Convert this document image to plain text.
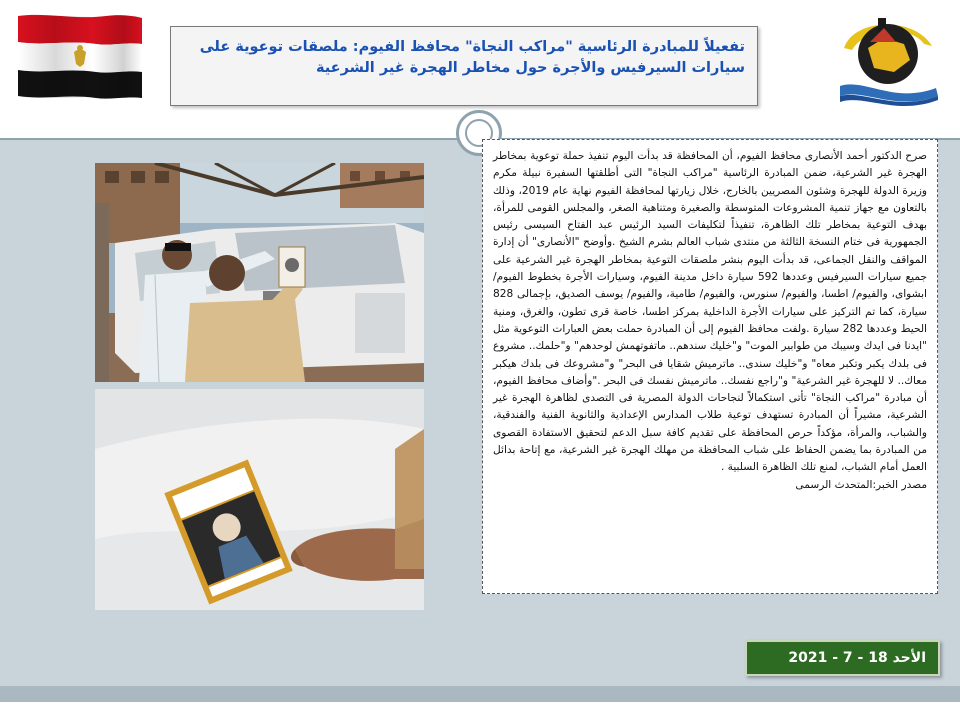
تفعيلاً للمبادرة الرئاسية "مراكب النجاة" محافظ الفيوم: ملصقات توعوية على سيارات السيرفيس والأجرة حول مخاطر الهجرة غير الشرعية

صرح الدكتور أحمد الأنصارى محافظ الفيوم، أن المحافظة قد بدأت اليوم تنفيذ حملة توعوية بمخاطر الهجرة غير الشرعية، ضمن المبادرة الرئاسية "مراكب النجاة" التى أطلقتها السفيرة نبيلة مكرم وزيرة الدولة للهجرة وشئون المصريين بالخارج، خلال زيارتها لمحافظة الفيوم نهاية عام 2019، وذلك بالتعاون مع جهاز تنمية المشروعات المتوسطة والصغيرة ومتناهية الصغر، والمجلس القومى للمرأة، بهدف التوعية بمخاطر تلك الظاهرة، تنفيذاً لتكليفات السيد الرئيس عبد الفتاح السيسى رئيس الجمهورية فى ختام النسخة الثالثة من منتدى شباب العالم بشرم الشيخ .وأوضح "الأنصارى" أن إدارة المواقف والنقل الجماعى، قد بدأت اليوم بنشر ملصقات التوعية بمخاطر الهجرة غير الشرعية على جميع سيارات السيرفيس وعددها 592 سيارة داخل مدينة الفيوم، وسيارات الأجرة بخطوط الفيوم/ ابشواى، والفيوم/ اطسا، والفيوم/ سنورس، والفيوم/ طامية، والفيوم/ يوسف الصديق، بإجمالى 828 سيارة، كما تم التركيز على سيارات الأجرة الداخلية بمركز اطسا، خاصة قرى تطون، والغرق، ومنية الحيط وعددها 282 سيارة .ولفت محافظ الفيوم إلى أن المبادرة حملت بعض العبارات التوعوية مثل "ايدنا فى ايدك وسيبك من طوابير الموت" و"خليك سندهم.. ماتفوتهمش لوحدهم" و"حلمك.. مشروع فى بلدك يكبر وتكبر معاه" و"خليك سندى.. ماترميش شقايا فى البحر" و"مشروعك فى بلدك هيكبر معاك.. لا للهجرة غير الشرعية" و"راجع نفسك.. ماترميش نفسك فى البحر ."وأضاف محافظ الفيوم، أن مبادرة "مراكب النجاة" تأتى استكمالاً لنجاحات الدولة المصرية فى التصدى لظاهرة الهجرة غير الشرعية، مشيراً أن المبادرة تستهدف توعية طلاب المدارس الإعدادية والثانوية الفنية والفندقية، والشباب، والمرأة، مؤكداً حرص المحافظة على تقديم كافة سبل الدعم لتحقيق الاستفادة القصوى من المبادرة بما يضمن الحفاظ على شباب المحافظة من مهلك الهجرة غير الشرعية، مع إتاحة بدائل العمل أمام الشباب، لمنع تلك الظاهرة السلبية .

مصدر الخبر:المتحدث الرسمى

الأحد 18 - 7 - 2021
